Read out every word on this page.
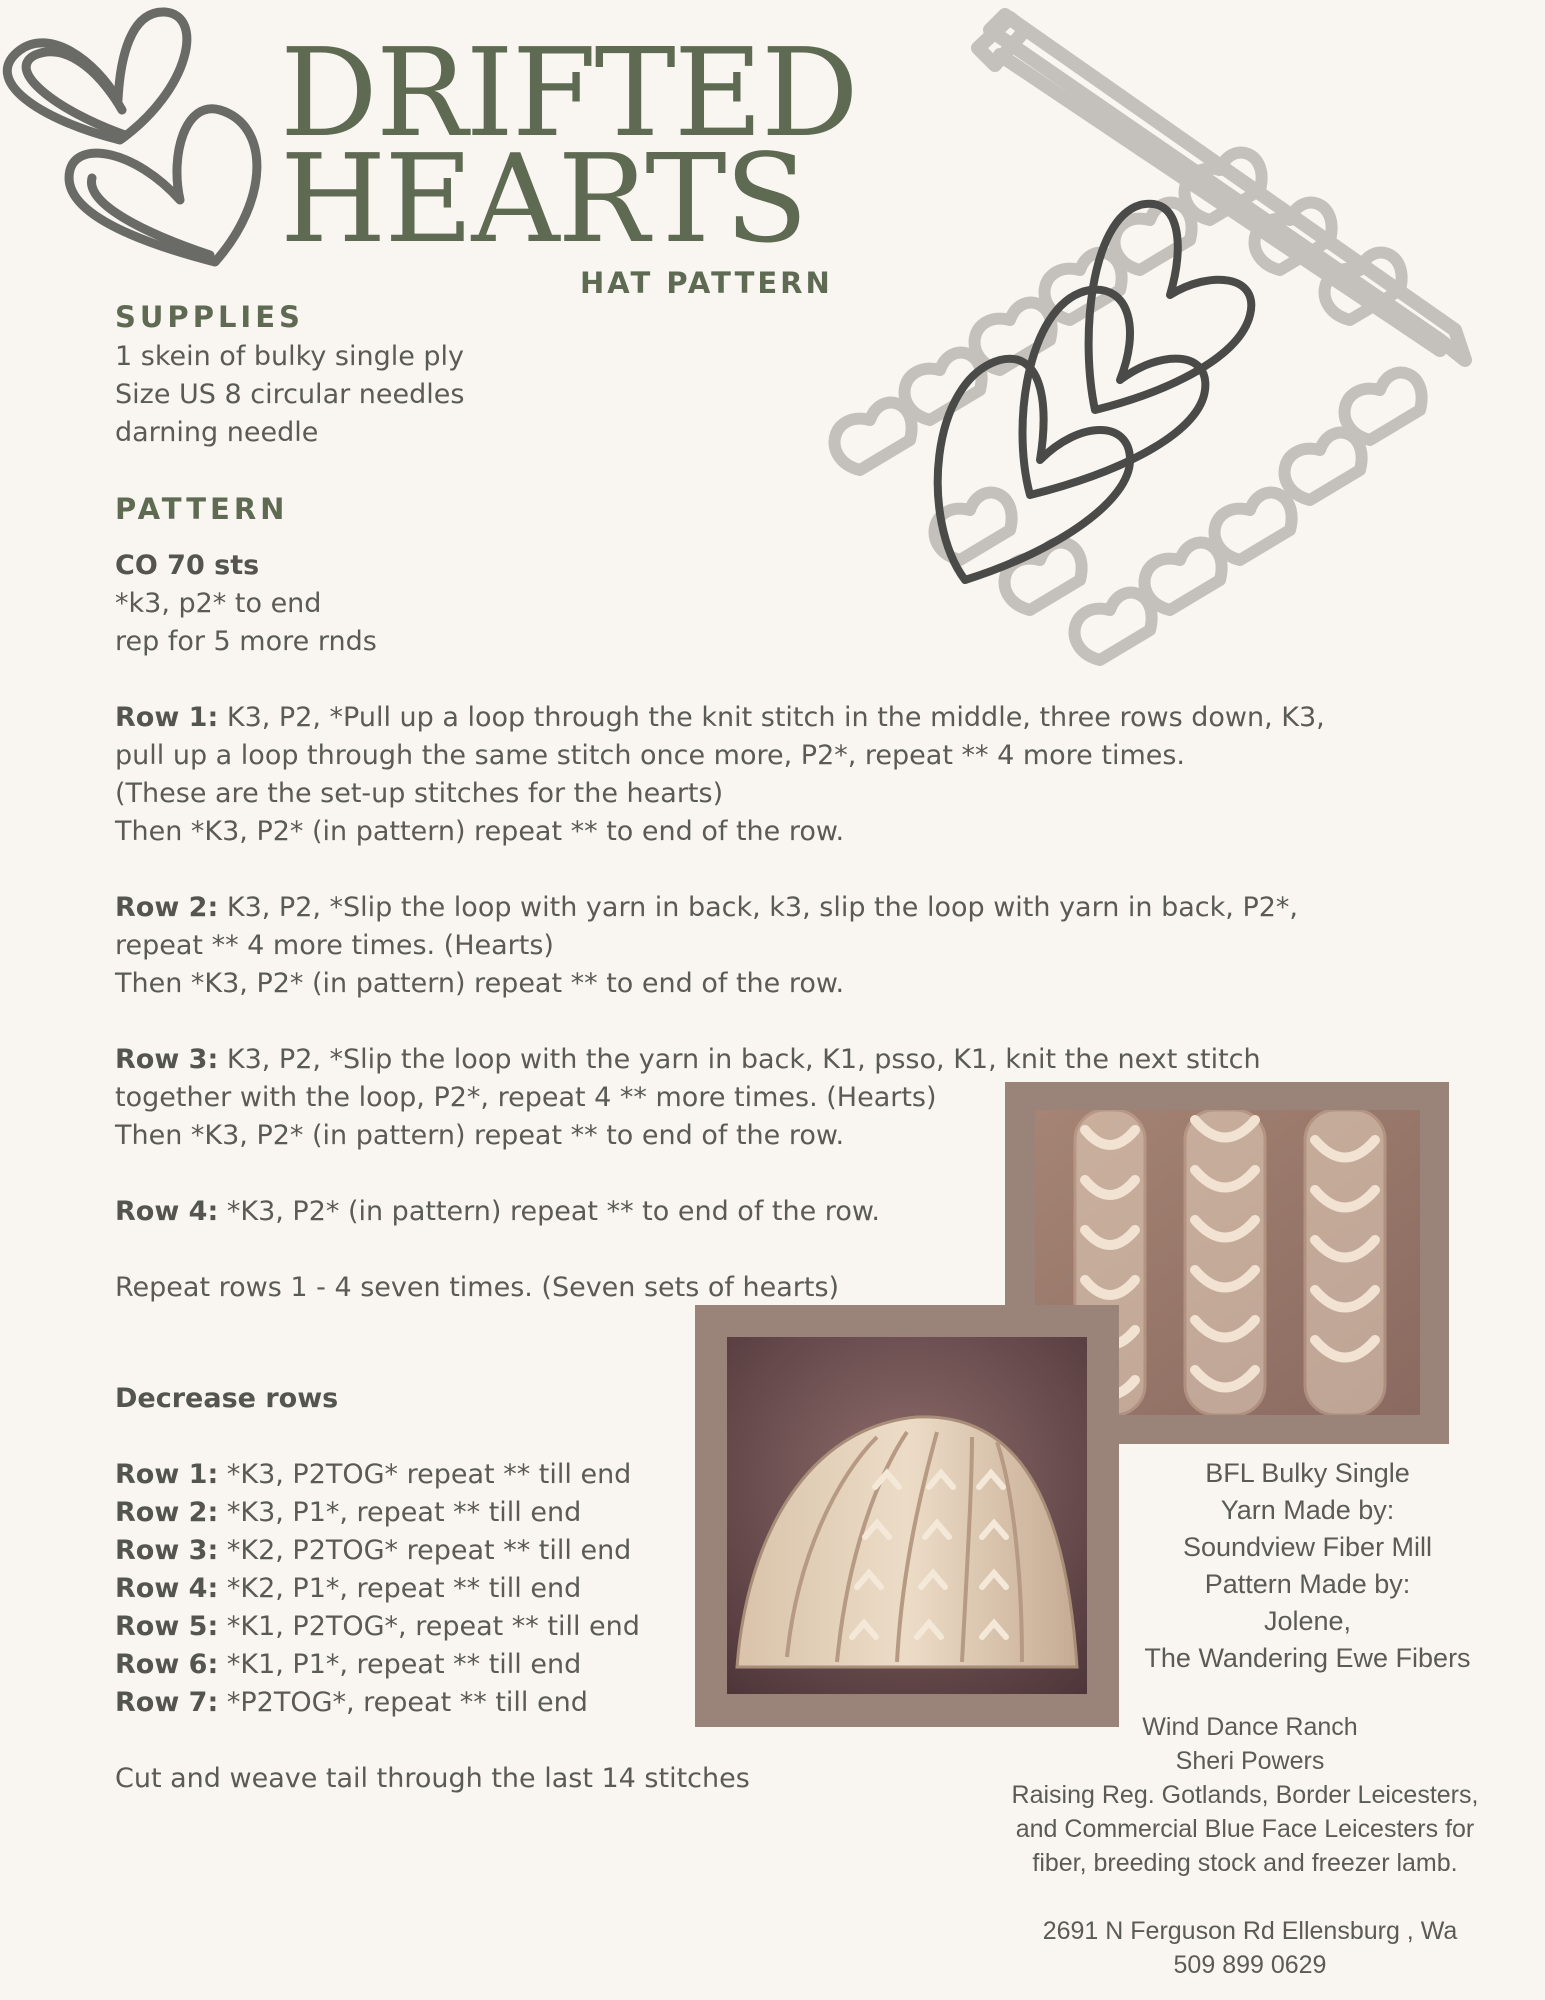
DRIFTED
HEARTS
HAT PATTERN
SUPPLIES
1 skein of bulky single ply
Size US 8 circular needles
darning needle
PATTERN
CO 70 sts
*k3, p2* to end
rep for 5 more rnds
Row 1: K3, P2, *Pull up a loop through the knit stitch in the middle, three rows down, K3,
pull up a loop through the same stitch once more, P2*, repeat ** 4 more times.
(These are the set-up stitches for the hearts)
Then *K3, P2* (in pattern) repeat ** to end of the row.
Row 2: K3, P2, *Slip the loop with yarn in back, k3, slip the loop with yarn in back, P2*,
repeat ** 4 more times. (Hearts)
Then *K3, P2* (in pattern) repeat ** to end of the row.
Row 3: K3, P2, *Slip the loop with the yarn in back, K1, psso, K1, knit the next stitch
together with the loop, P2*, repeat 4 ** more times. (Hearts)
Then *K3, P2* (in pattern) repeat ** to end of the row.
Row 4: *K3, P2* (in pattern) repeat ** to end of the row.
Repeat rows 1 - 4 seven times. (Seven sets of hearts)
Decrease rows
Row 1: *K3, P2TOG* repeat ** till end
Row 2: *K3, P1*, repeat ** till end
Row 3: *K2, P2TOG* repeat ** till end
Row 4: *K2, P1*, repeat ** till end
Row 5: *K1, P2TOG*, repeat ** till end
Row 6: *K1, P1*, repeat ** till end
Row 7: *P2TOG*, repeat ** till end
Cut and weave tail through the last 14 stitches
BFL Bulky Single
Yarn Made by:
Soundview Fiber Mill
Pattern Made by:
Jolene,
The Wandering Ewe Fibers
Wind Dance Ranch
Sheri Powers
Raising Reg. Gotlands, Border Leicesters,
and Commercial Blue Face Leicesters for
fiber, breeding stock and freezer lamb.
2691 N Ferguson Rd Ellensburg , Wa
509 899 0629
